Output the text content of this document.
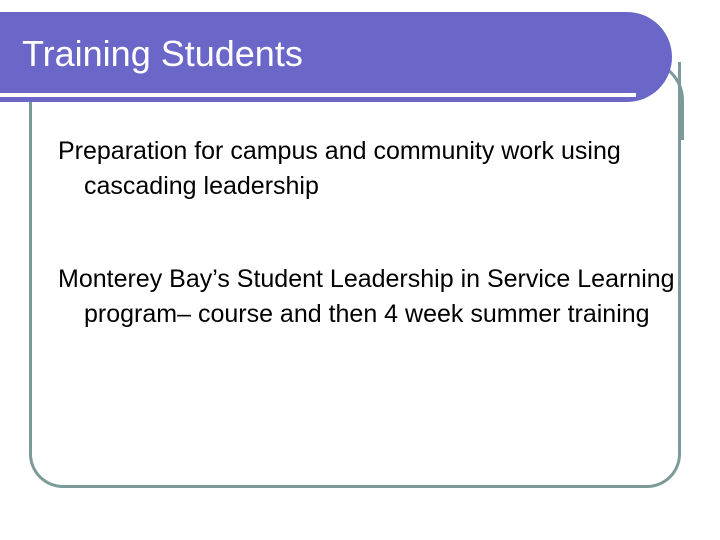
Training Students
Preparation for campus and community work using cascading leadership
Monterey Bay’s Student Leadership in Service Learning program– course and then 4 week summer training
